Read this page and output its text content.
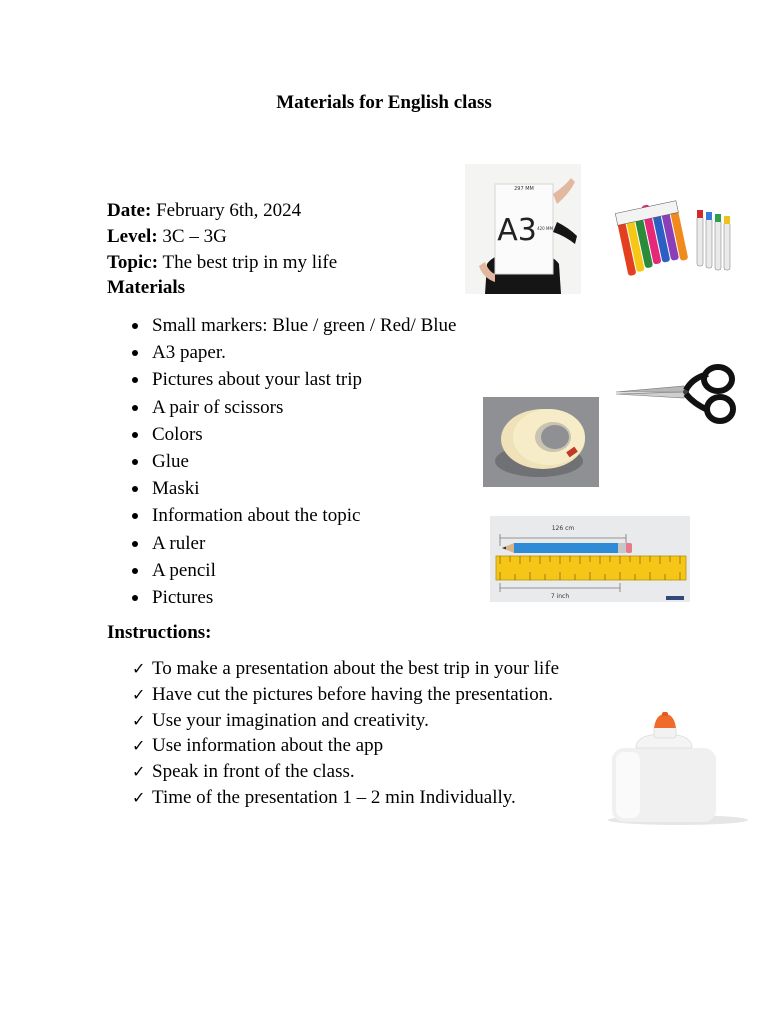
Materials for English class
Date: February 6th, 2024
Level: 3C – 3G
Topic: The best trip in my life
Materials
Small markers: Blue / green / Red/ Blue
A3 paper.
Pictures about your last trip
A pair of scissors
Colors
Glue
Maski
Information about the topic
A ruler
A pencil
Pictures
Instructions:
✓ To make a presentation about the best trip in your life
✓ Have cut the pictures before having the presentation.
✓ Use your imagination and creativity.
✓ Use information about the app
✓ Speak in front of the class.
✓ Time of the presentation 1 – 2 min Individually.
297 MM
A3 420 MM
126 cm
7 inch
